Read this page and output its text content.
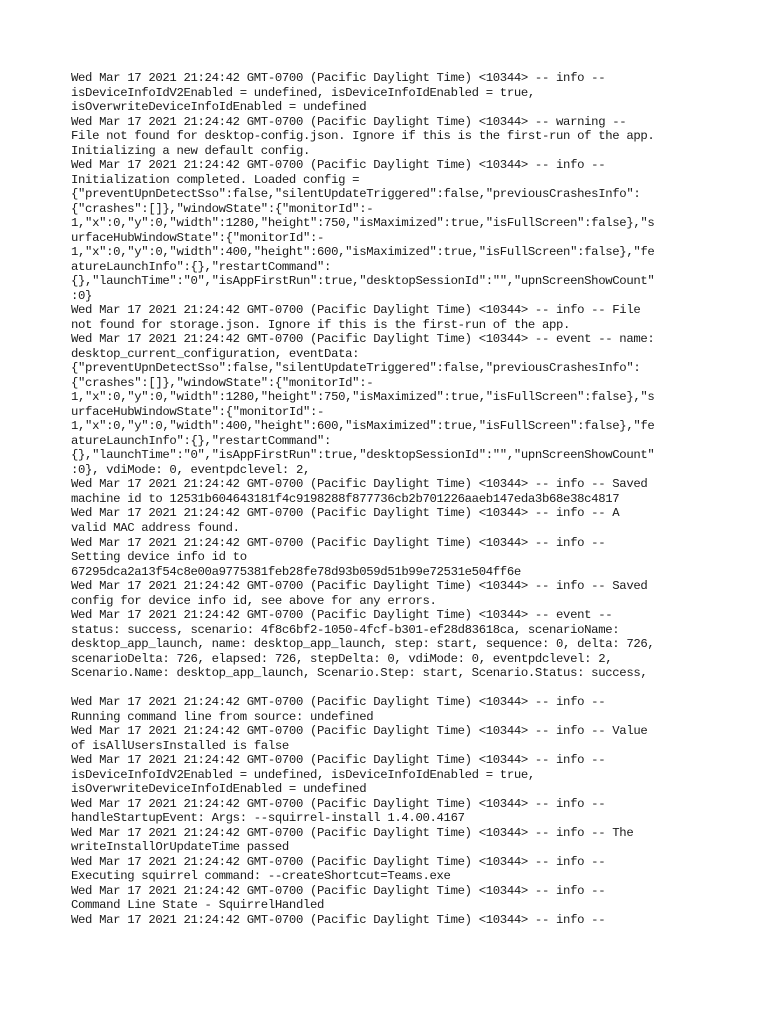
Wed Mar 17 2021 21:24:42 GMT-0700 (Pacific Daylight Time) <10344> -- info --
isDeviceInfoIdV2Enabled = undefined, isDeviceInfoIdEnabled = true,
isOverwriteDeviceInfoIdEnabled = undefined
Wed Mar 17 2021 21:24:42 GMT-0700 (Pacific Daylight Time) <10344> -- warning --
File not found for desktop-config.json. Ignore if this is the first-run of the app.
Initializing a new default config.
Wed Mar 17 2021 21:24:42 GMT-0700 (Pacific Daylight Time) <10344> -- info --
Initialization completed. Loaded config =
{"preventUpnDetectSso":false,"silentUpdateTriggered":false,"previousCrashesInfo":
{"crashes":[]},"windowState":{"monitorId":-
1,"x":0,"y":0,"width":1280,"height":750,"isMaximized":true,"isFullScreen":false},"s
urfaceHubWindowState":{"monitorId":-
1,"x":0,"y":0,"width":400,"height":600,"isMaximized":true,"isFullScreen":false},"fe
atureLaunchInfo":{},"restartCommand":
{},"launchTime":"0","isAppFirstRun":true,"desktopSessionId":"","upnScreenShowCount"
:0}
Wed Mar 17 2021 21:24:42 GMT-0700 (Pacific Daylight Time) <10344> -- info -- File
not found for storage.json. Ignore if this is the first-run of the app.
Wed Mar 17 2021 21:24:42 GMT-0700 (Pacific Daylight Time) <10344> -- event -- name:
desktop_current_configuration, eventData:
{"preventUpnDetectSso":false,"silentUpdateTriggered":false,"previousCrashesInfo":
{"crashes":[]},"windowState":{"monitorId":-
1,"x":0,"y":0,"width":1280,"height":750,"isMaximized":true,"isFullScreen":false},"s
urfaceHubWindowState":{"monitorId":-
1,"x":0,"y":0,"width":400,"height":600,"isMaximized":true,"isFullScreen":false},"fe
atureLaunchInfo":{},"restartCommand":
{},"launchTime":"0","isAppFirstRun":true,"desktopSessionId":"","upnScreenShowCount"
:0}, vdiMode: 0, eventpdclevel: 2,
Wed Mar 17 2021 21:24:42 GMT-0700 (Pacific Daylight Time) <10344> -- info -- Saved
machine id to 12531b604643181f4c9198288f877736cb2b701226aaeb147eda3b68e38c4817
Wed Mar 17 2021 21:24:42 GMT-0700 (Pacific Daylight Time) <10344> -- info -- A
valid MAC address found.
Wed Mar 17 2021 21:24:42 GMT-0700 (Pacific Daylight Time) <10344> -- info --
Setting device info id to
67295dca2a13f54c8e00a9775381feb28fe78d93b059d51b99e72531e504ff6e
Wed Mar 17 2021 21:24:42 GMT-0700 (Pacific Daylight Time) <10344> -- info -- Saved
config for device info id, see above for any errors.
Wed Mar 17 2021 21:24:42 GMT-0700 (Pacific Daylight Time) <10344> -- event --
status: success, scenario: 4f8c6bf2-1050-4fcf-b301-ef28d83618ca, scenarioName:
desktop_app_launch, name: desktop_app_launch, step: start, sequence: 0, delta: 726,
scenarioDelta: 726, elapsed: 726, stepDelta: 0, vdiMode: 0, eventpdclevel: 2,
Scenario.Name: desktop_app_launch, Scenario.Step: start, Scenario.Status: success,
Wed Mar 17 2021 21:24:42 GMT-0700 (Pacific Daylight Time) <10344> -- info --
Running command line from source: undefined
Wed Mar 17 2021 21:24:42 GMT-0700 (Pacific Daylight Time) <10344> -- info -- Value
of isAllUsersInstalled is false
Wed Mar 17 2021 21:24:42 GMT-0700 (Pacific Daylight Time) <10344> -- info --
isDeviceInfoIdV2Enabled = undefined, isDeviceInfoIdEnabled = true,
isOverwriteDeviceInfoIdEnabled = undefined
Wed Mar 17 2021 21:24:42 GMT-0700 (Pacific Daylight Time) <10344> -- info --
handleStartupEvent: Args: --squirrel-install 1.4.00.4167
Wed Mar 17 2021 21:24:42 GMT-0700 (Pacific Daylight Time) <10344> -- info -- The
writeInstallOrUpdateTime passed
Wed Mar 17 2021 21:24:42 GMT-0700 (Pacific Daylight Time) <10344> -- info --
Executing squirrel command: --createShortcut=Teams.exe
Wed Mar 17 2021 21:24:42 GMT-0700 (Pacific Daylight Time) <10344> -- info --
Command Line State - SquirrelHandled
Wed Mar 17 2021 21:24:42 GMT-0700 (Pacific Daylight Time) <10344> -- info --
